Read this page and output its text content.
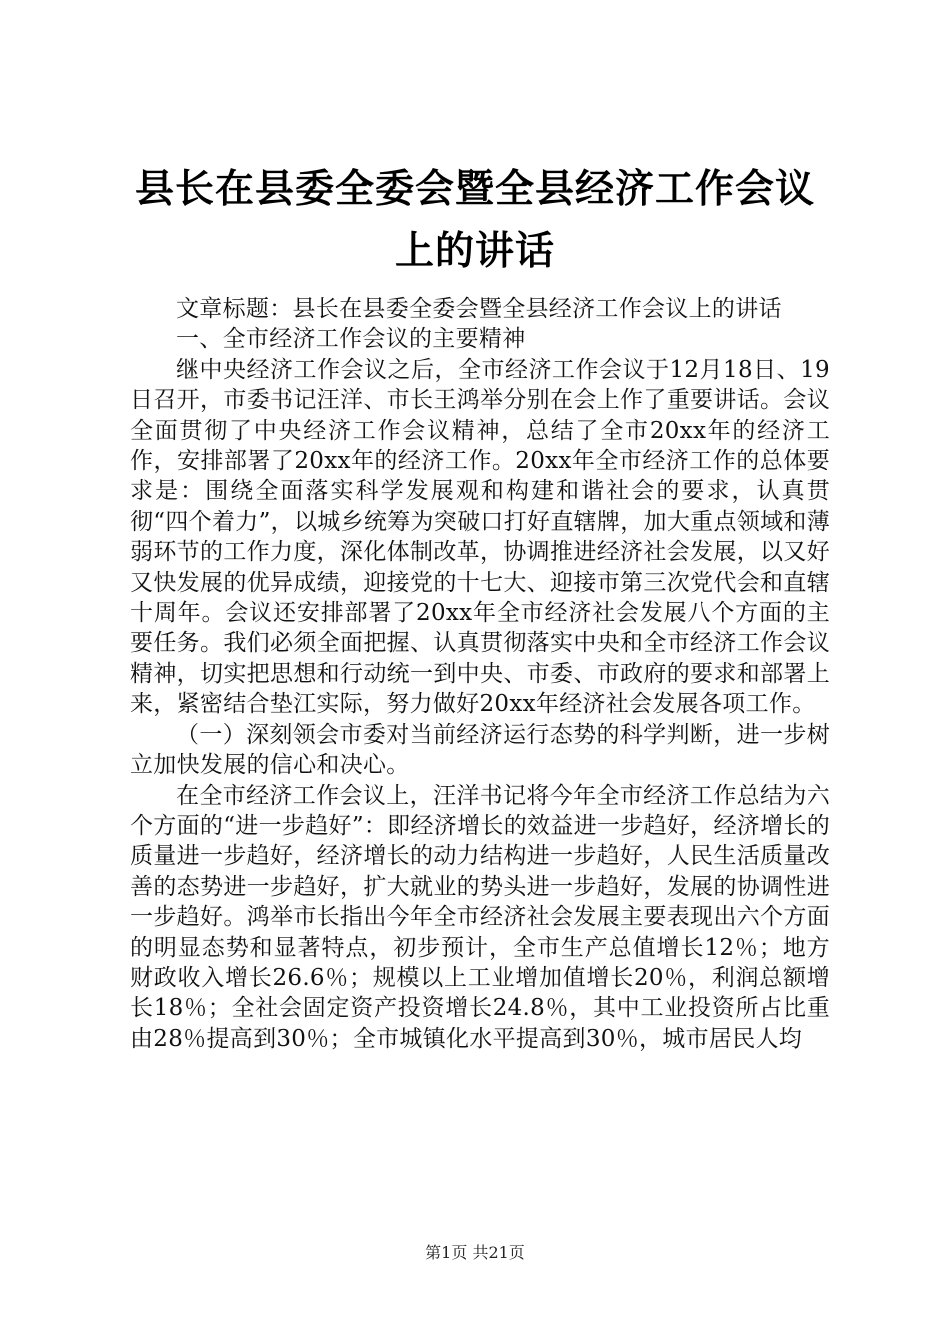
县长在县委全委会暨全县经济工作会议上的讲话

文章标题：县长在县委全委会暨全县经济工作会议上的讲话

一、全市经济工作会议的主要精神

继中央经济工作会议之后，全市经济工作会议于12月18日、19日召开，市委书记汪洋、市长王鸿举分别在会上作了重要讲话。会议全面贯彻了中央经济工作会议精神，总结了全市20xx年的经济工作，安排部署了20xx年的经济工作。20xx年全市经济工作的总体要求是：围绕全面落实科学发展观和构建和谐社会的要求，认真贯彻“四个着力”，以城乡统筹为突破口打好直辖牌，加大重点领域和薄弱环节的工作力度，深化体制改革，协调推进经济社会发展，以又好又快发展的优异成绩，迎接党的十七大、迎接市第三次党代会和直辖十周年。会议还安排部署了20xx年全市经济社会发展八个方面的主要任务。我们必须全面把握、认真贯彻落实中央和全市经济工作会议精神，切实把思想和行动统一到中央、市委、市政府的要求和部署上来，紧密结合垫江实际，努力做好20xx年经济社会发展各项工作。

（一）深刻领会市委对当前经济运行态势的科学判断，进一步树立加快发展的信心和决心。

在全市经济工作会议上，汪洋书记将今年全市经济工作总结为六个方面的“进一步趋好”：即经济增长的效益进一步趋好，经济增长的质量进一步趋好，经济增长的动力结构进一步趋好，人民生活质量改善的态势进一步趋好，扩大就业的势头进一步趋好，发展的协调性进一步趋好。鸿举市长指出今年全市经济社会发展主要表现出六个方面的明显态势和显著特点，初步预计，全市生产总值增长12％；地方财政收入增长26.6％；规模以上工业增加值增长20％，利润总额增长18％；全社会固定资产投资增长24.8％，其中工业投资所占比重由28％提高到30％；全市城镇化水平提高到30％，城市居民人均

第1页 共21页
